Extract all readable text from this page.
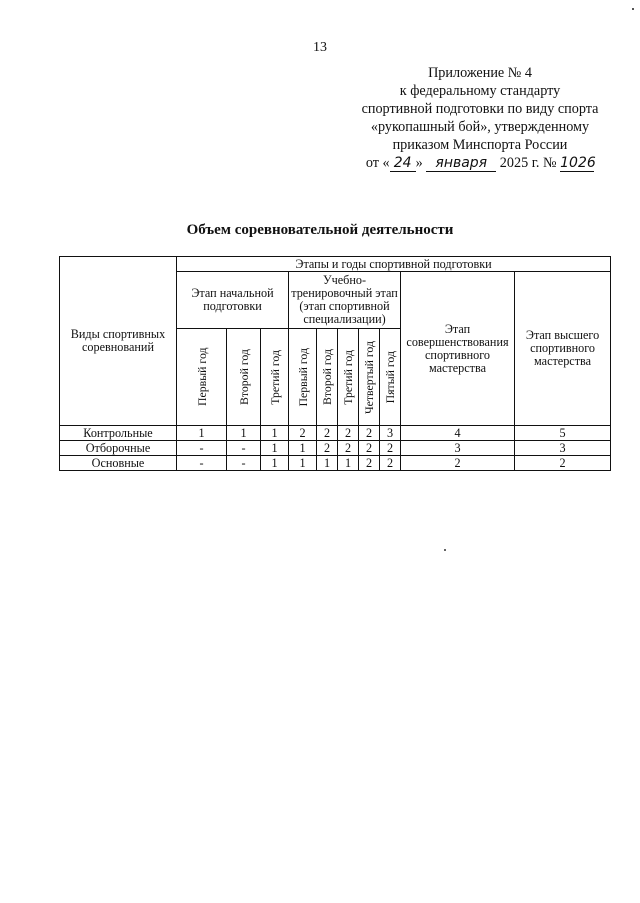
13
Приложение № 4
к федеральному стандарту
спортивной подготовки по виду спорта
«рукопашный бой», утвержденному
приказом Минспорта России
от « 24 » января 2025 г. № 1026
Объем соревновательной деятельности
Виды спортивных соревнований	Этапы и годы спортивной подготовки									
	Этап начальной подготовки			Учебно-тренировочный этап (этап спортивной специализации)					Этап совершенствования спортивного мастерства	Этап высшего спортивного мастерства

	Первый год	Второй год	Третий год	Первый год	Второй год	Третий год	Четвертый год	Пятый год		

Контрольные	1	1	1	2	2	2	2	3	4	5
Отборочные	-	-	1	1	2	2	2	2	3	3
Основные	-	-	1	1	1	1	2	2	2	2
